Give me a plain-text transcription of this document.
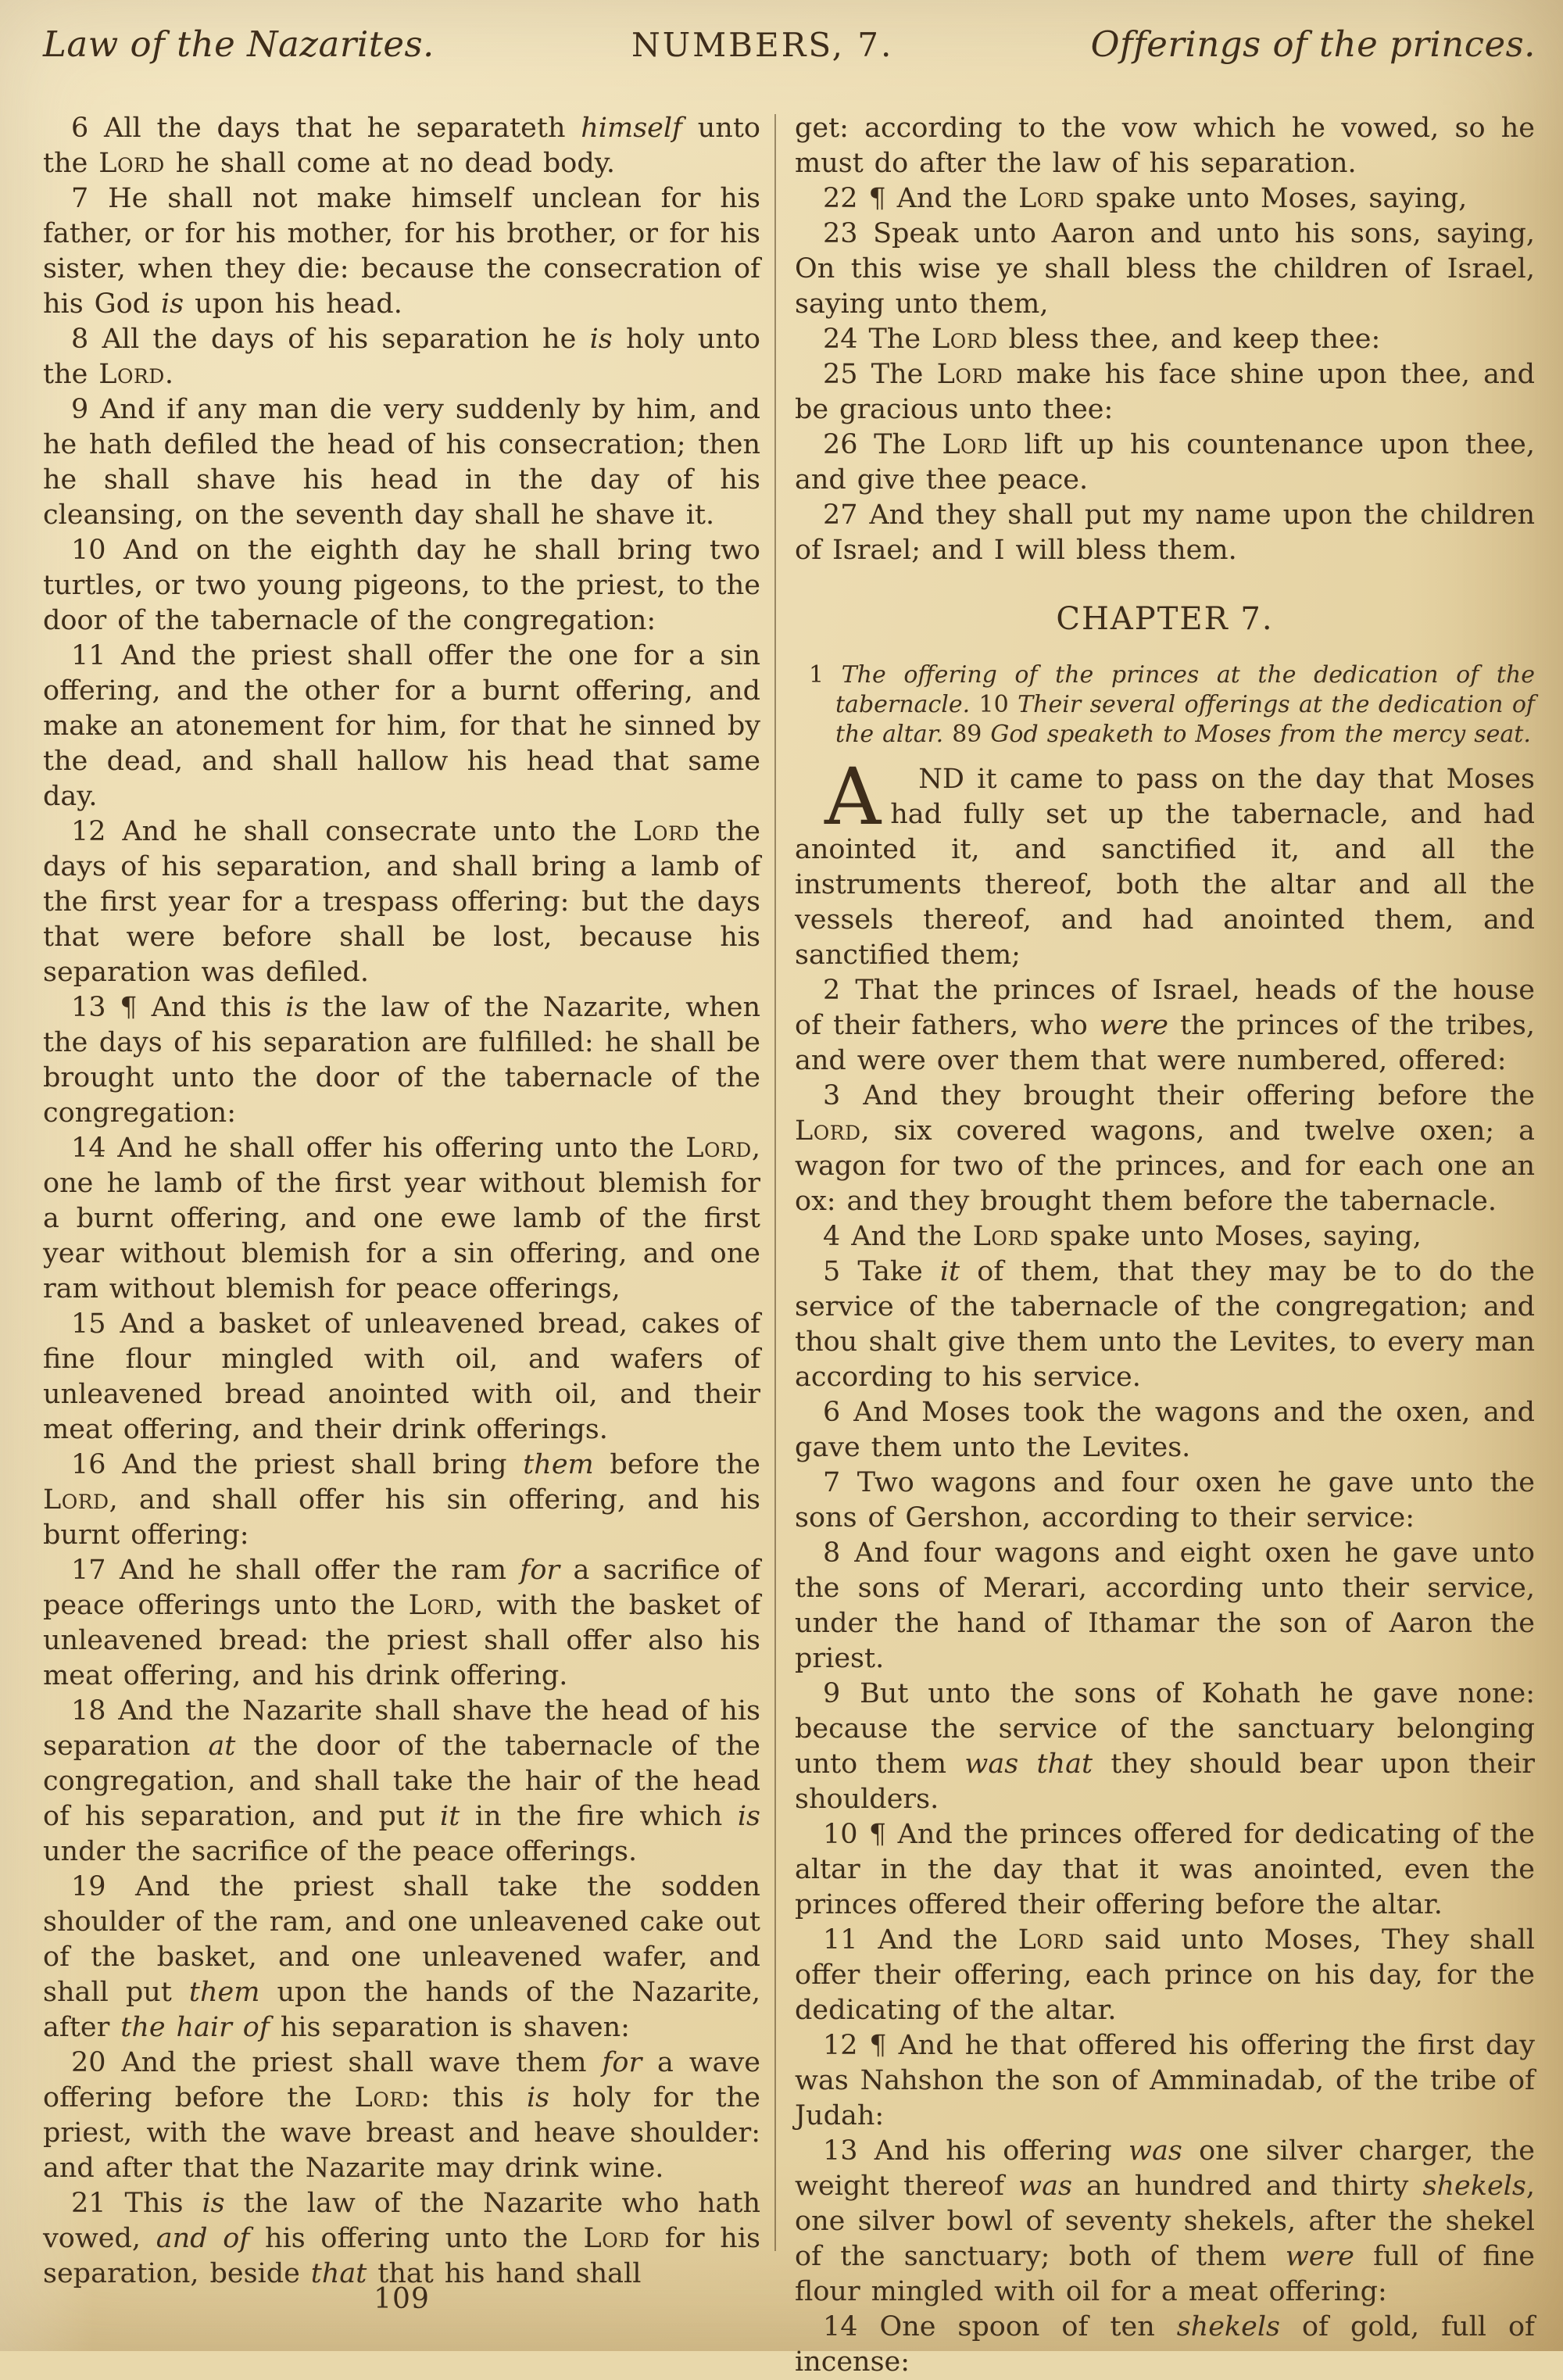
Law of the Nazarites.	NUMBERS, 7.	Offerings of the princes.

6 All the days that he separateth himself unto the Lord he shall come at no dead body.

7 He shall not make himself unclean for his father, or for his mother, for his brother, or for his sister, when they die: because the consecration of his God is upon his head.

8 All the days of his separation he is holy unto the Lord.

9 And if any man die very suddenly by him, and he hath defiled the head of his consecration; then he shall shave his head in the day of his cleansing, on the seventh day shall he shave it.

10 And on the eighth day he shall bring two turtles, or two young pigeons, to the priest, to the door of the tabernacle of the congregation:

11 And the priest shall offer the one for a sin offering, and the other for a burnt offering, and make an atonement for him, for that he sinned by the dead, and shall hallow his head that same day.

12 And he shall consecrate unto the Lord the days of his separation, and shall bring a lamb of the first year for a trespass offering: but the days that were before shall be lost, because his separation was defiled.

13 ¶ And this is the law of the Nazarite, when the days of his separation are fulfilled: he shall be brought unto the door of the tabernacle of the congregation:

14 And he shall offer his offering unto the Lord, one he lamb of the first year without blemish for a burnt offering, and one ewe lamb of the first year without blemish for a sin offering, and one ram without blemish for peace offerings,

15 And a basket of unleavened bread, cakes of fine flour mingled with oil, and wafers of unleavened bread anointed with oil, and their meat offering, and their drink offerings.

16 And the priest shall bring them before the Lord, and shall offer his sin offering, and his burnt offering:

17 And he shall offer the ram for a sacrifice of peace offerings unto the Lord, with the basket of unleavened bread: the priest shall offer also his meat offering, and his drink offering.

18 And the Nazarite shall shave the head of his separation at the door of the tabernacle of the congregation, and shall take the hair of the head of his separation, and put it in the fire which is under the sacrifice of the peace offerings.

19 And the priest shall take the sodden shoulder of the ram, and one unleavened cake out of the basket, and one unleavened wafer, and shall put them upon the hands of the Nazarite, after the hair of his separation is shaven:

20 And the priest shall wave them for a wave offering before the Lord: this is holy for the priest, with the wave breast and heave shoulder: and after that the Nazarite may drink wine.

21 This is the law of the Nazarite who hath vowed, and of his offering unto the Lord for his separation, beside that that his hand shall

get: according to the vow which he vowed, so he must do after the law of his separation.

22 ¶ And the Lord spake unto Moses, saying,

23 Speak unto Aaron and unto his sons, saying, On this wise ye shall bless the children of Israel, saying unto them,

24 The Lord bless thee, and keep thee:

25 The Lord make his face shine upon thee, and be gracious unto thee:

26 The Lord lift up his countenance upon thee, and give thee peace.

27 And they shall put my name upon the children of Israel; and I will bless them.

CHAPTER 7.

1 The offering of the princes at the dedication of the tabernacle. 10 Their several offerings at the dedication of the altar. 89 God speaketh to Moses from the mercy seat.

A	ND it came to pass on the day that Moses had fully set up the tabernacle, and had anointed it, and sanctified it, and all the instruments thereof, both the altar and all the vessels thereof, and had anointed them, and sanctified them;

2 That the princes of Israel, heads of the house of their fathers, who were the princes of the tribes, and were over them that were numbered, offered:

3 And they brought their offering before the Lord, six covered wagons, and twelve oxen; a wagon for two of the princes, and for each one an ox: and they brought them before the tabernacle.

4 And the Lord spake unto Moses, saying,

5 Take it of them, that they may be to do the service of the tabernacle of the congregation; and thou shalt give them unto the Levites, to every man according to his service.

6 And Moses took the wagons and the oxen, and gave them unto the Levites.

7 Two wagons and four oxen he gave unto the sons of Gershon, according to their service:

8 And four wagons and eight oxen he gave unto the sons of Merari, according unto their service, under the hand of Ithamar the son of Aaron the priest.

9 But unto the sons of Kohath he gave none: because the service of the sanctuary belonging unto them was that they should bear upon their shoulders.

10 ¶ And the princes offered for dedicating of the altar in the day that it was anointed, even the princes offered their offering before the altar.

11 And the Lord said unto Moses, They shall offer their offering, each prince on his day, for the dedicating of the altar.

12 ¶ And he that offered his offering the first day was Nahshon the son of Amminadab, of the tribe of Judah:

13 And his offering was one silver charger, the weight thereof was an hundred and thirty shekels, one silver bowl of seventy shekels, after the shekel of the sanctuary; both of them were full of fine flour mingled with oil for a meat offering:

14 One spoon of ten shekels of gold, full of incense:

109
